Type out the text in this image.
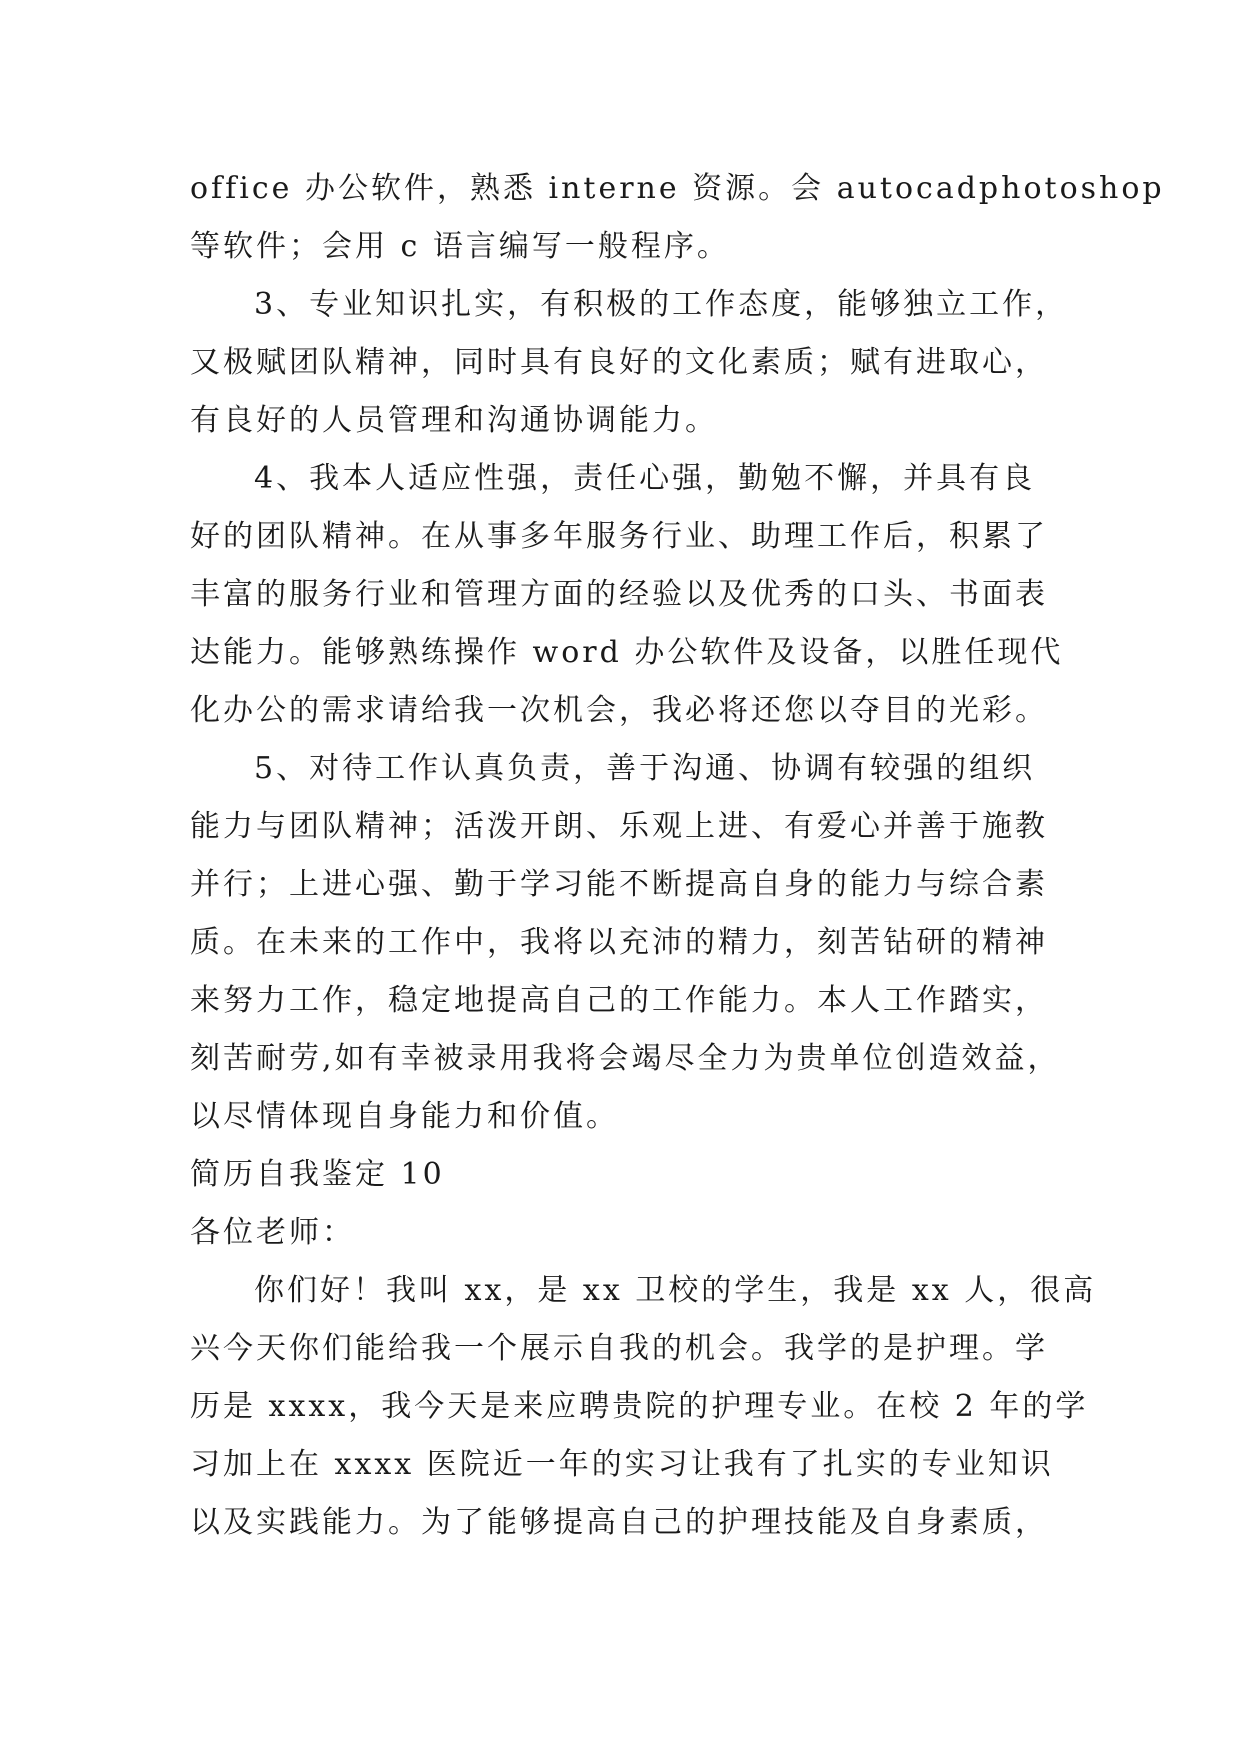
office 办公软件，熟悉 interne 资源。会 autocadphotoshop
等软件；会用 c 语言编写一般程序。
3、专业知识扎实，有积极的工作态度，能够独立工作，
又极赋团队精神，同时具有良好的文化素质；赋有进取心，
有良好的人员管理和沟通协调能力。
4、我本人适应性强，责任心强，勤勉不懈，并具有良
好的团队精神。在从事多年服务行业、助理工作后，积累了
丰富的服务行业和管理方面的经验以及优秀的口头、书面表
达能力。能够熟练操作 word 办公软件及设备，以胜任现代
化办公的需求请给我一次机会，我必将还您以夺目的光彩。
5、对待工作认真负责，善于沟通、协调有较强的组织
能力与团队精神；活泼开朗、乐观上进、有爱心并善于施教
并行；上进心强、勤于学习能不断提高自身的能力与综合素
质。在未来的工作中，我将以充沛的精力，刻苦钻研的精神
来努力工作，稳定地提高自己的工作能力。本人工作踏实，
刻苦耐劳,如有幸被录用我将会竭尽全力为贵单位创造效益，
以尽情体现自身能力和价值。
简历自我鉴定 10
各位老师：
你们好！我叫 xx，是 xx 卫校的学生，我是 xx 人，很高
兴今天你们能给我一个展示自我的机会。我学的是护理。学
历是 xxxx，我今天是来应聘贵院的护理专业。在校 2 年的学
习加上在 xxxx 医院近一年的实习让我有了扎实的专业知识
以及实践能力。为了能够提高自己的护理技能及自身素质，
